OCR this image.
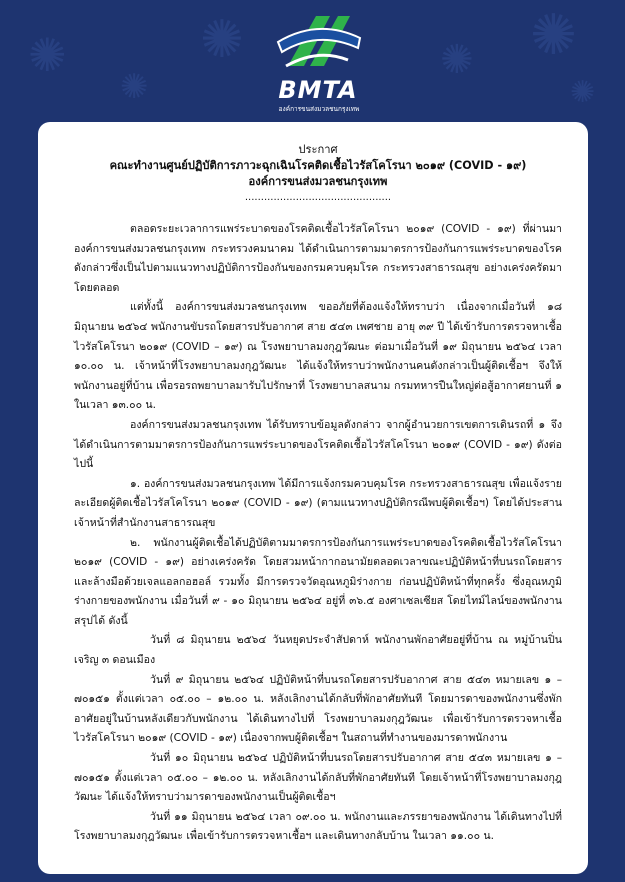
✺
✺
✺	✺ ✺
✺
BMTA
องค์การขนส่งมวลชนกรุงเทพ
ประกาศ
คณะทำงานศูนย์ปฏิบัติการภาวะฉุกเฉินโรคติดเชื้อไวรัสโคโรนา ๒๐๑๙ (COVID - ๑๙)
องค์การขนส่งมวลชนกรุงเทพ
..............................................

ตลอดระยะเวลาการแพร่ระบาดของโรคติดเชื้อไวรัสโคโรนา ๒๐๑๙ (COVID - ๑๙) ที่ผ่านมาองค์การขนส่งมวลชนกรุงเทพ กระทรวงคมนาคม ได้ดำเนินการตามมาตรการป้องกันการแพร่ระบาดของโรคดังกล่าวซึ่งเป็นไปตามแนวทางปฏิบัติการป้องกันของกรมควบคุมโรค กระทรวงสาธารณสุข อย่างเคร่งครัดมาโดยตลอด

แต่ทั้งนี้ องค์การขนส่งมวลชนกรุงเทพ ขออภัยที่ต้องแจ้งให้ทราบว่า เนื่องจากเมื่อวันที่ ๑๘ มิถุนายน ๒๕๖๔ พนักงานขับรถโดยสารปรับอากาศ สาย ๕๔๓ เพศชาย อายุ ๓๙ ปี ได้เข้ารับการตรวจหาเชื้อไวรัสโคโรนา ๒๐๑๙ (COVID – ๑๙) ณ โรงพยาบาลมงกุฎวัฒนะ ต่อมาเมื่อวันที่ ๑๙ มิถุนายน ๒๕๖๔ เวลา ๑๐.๐๐ น. เจ้าหน้าที่โรงพยาบาลมงกุฎวัฒนะ ได้แจ้งให้ทราบว่าพนักงานคนดังกล่าวเป็นผู้ติดเชื้อฯ จึงให้พนักงานอยู่ที่บ้าน เพื่อรอรถพยาบาลมารับไปรักษาที่ โรงพยาบาลสนาม กรมทหารปืนใหญ่ต่อสู้อากาศยานที่ ๑ ในเวลา ๑๓.๐๐ น.

องค์การขนส่งมวลชนกรุงเทพ ได้รับทราบข้อมูลดังกล่าว จากผู้อำนวยการเขตการเดินรถที่ ๑ จึงได้ดำเนินการตามมาตรการป้องกันการแพร่ระบาดของโรคติดเชื้อไวรัสโคโรนา ๒๐๑๙ (COVID - ๑๙) ดังต่อไปนี้

๑. องค์การขนส่งมวลชนกรุงเทพ ได้มีการแจ้งกรมควบคุมโรค กระทรวงสาธารณสุข เพื่อแจ้งรายละเอียดผู้ติดเชื้อไวรัสโคโรนา ๒๐๑๙ (COVID - ๑๙) (ตามแนวทางปฏิบัติกรณีพบผู้ติดเชื้อฯ) โดยได้ประสานเจ้าหน้าที่สำนักงานสาธารณสุข

๒. พนักงานผู้ติดเชื้อได้ปฏิบัติตามมาตรการป้องกันการแพร่ระบาดของโรคติดเชื้อไวรัสโคโรนา ๒๐๑๙ (COVID - ๑๙) อย่างเคร่งครัด โดยสวมหน้ากากอนามัยตลอดเวลาขณะปฏิบัติหน้าที่บนรถโดยสารและล้างมือด้วยเจลแอลกอฮอล์ รวมทั้ง มีการตรวจวัดอุณหภูมิร่างกาย ก่อนปฏิบัติหน้าที่ทุกครั้ง ซึ่งอุณหภูมิร่างกายของพนักงาน เมื่อวันที่ ๙ - ๑๐ มิถุนายน ๒๕๖๔ อยู่ที่ ๓๖.๕ องศาเซลเซียส โดยไทม์ไลน์ของพนักงานสรุปได้ ดังนี้

วันที่ ๘ มิถุนายน ๒๕๖๔ วันหยุดประจำสัปดาห์ พนักงานพักอาศัยอยู่ที่บ้าน ณ หมู่บ้านปิ่นเจริญ ๓ ดอนเมือง

วันที่ ๙ มิถุนายน ๒๕๖๔ ปฏิบัติหน้าที่บนรถโดยสารปรับอากาศ สาย ๕๔๓ หมายเลข ๑ – ๗๐๑๕๑ ตั้งแต่เวลา ๐๕.๐๐ – ๑๒.๐๐ น. หลังเลิกงานได้กลับที่พักอาศัยทันที โดยมารดาของพนักงานซึ่งพักอาศัยอยู่ในบ้านหลังเดียวกับพนักงาน ได้เดินทางไปที่ โรงพยาบาลมงกุฎวัฒนะ เพื่อเข้ารับการตรวจหาเชื้อไวรัสโคโรนา ๒๐๑๙ (COVID - ๑๙) เนื่องจากพบผู้ติดเชื้อฯ ในสถานที่ทำงานของมารดาพนักงาน

วันที่ ๑๐ มิถุนายน ๒๕๖๔ ปฏิบัติหน้าที่บนรถโดยสารปรับอากาศ สาย ๕๔๓ หมายเลข ๑ – ๗๐๑๕๑ ตั้งแต่เวลา ๐๕.๐๐ – ๑๒.๐๐ น. หลังเลิกงานได้กลับที่พักอาศัยทันที โดยเจ้าหน้าที่โรงพยาบาลมงกุฎวัฒนะ ได้แจ้งให้ทราบว่ามารดาของพนักงานเป็นผู้ติดเชื้อฯ

วันที่ ๑๑ มิถุนายน ๒๕๖๔ เวลา ๐๙.๐๐ น. พนักงานและภรรยาของพนักงาน ได้เดินทางไปที่ โรงพยาบาลมงกุฎวัฒนะ เพื่อเข้ารับการตรวจหาเชื้อฯ และเดินทางกลับบ้าน ในเวลา ๑๑.๐๐ น.
